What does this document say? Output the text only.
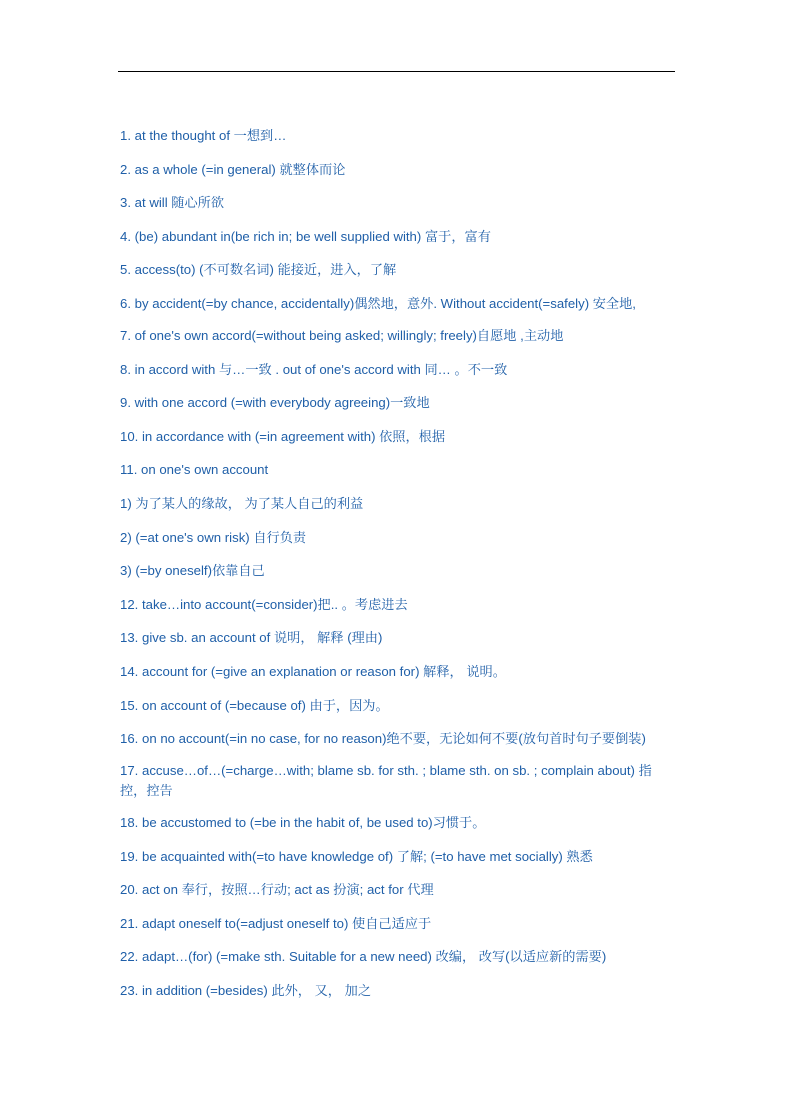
1. at the thought of 一想到…
2. as a whole (=in general) 就整体而论
3. at will 随心所欲
4. (be) abundant in(be rich in; be well supplied with) 富于，富有
5. access(to) (不可数名词) 能接近，进入，了解
6. by accident(=by chance, accidentally)偶然地，意外. Without accident(=safely) 安全地,
7. of one's own accord(=without being asked; willingly; freely)自愿地 ,主动地
8. in accord with 与…一致 . out of one's accord with 同… 。不一致
9. with one accord (=with everybody agreeing)一致地
10. in accordance with (=in agreement with) 依照，根据
11. on one's own account
1) 为了某人的缘故， 为了某人自己的利益
2) (=at one's own risk) 自行负责
3) (=by oneself)依靠自己
12. take…into account(=consider)把.. 。考虑进去
13. give sb. an account of 说明， 解释 (理由)
14. account for (=give an explanation or reason for) 解释， 说明。
15. on account of (=because of) 由于，因为。
16. on no account(=in no case, for no reason)绝不要，无论如何不要(放句首时句子要倒装)
17. accuse…of…(=charge…with; blame sb. for sth. ; blame sth. on sb. ; complain about) 指控，控告
18. be accustomed to (=be in the habit of, be used to)习惯于。
19. be acquainted with(=to have knowledge of) 了解; (=to have met socially) 熟悉
20. act on 奉行，按照…行动; act as 扮演; act for 代理
21. adapt oneself to(=adjust oneself to) 使自己适应于
22. adapt…(for) (=make sth. Suitable for a new need) 改编， 改写(以适应新的需要)
23. in addition (=besides) 此外， 又， 加之
